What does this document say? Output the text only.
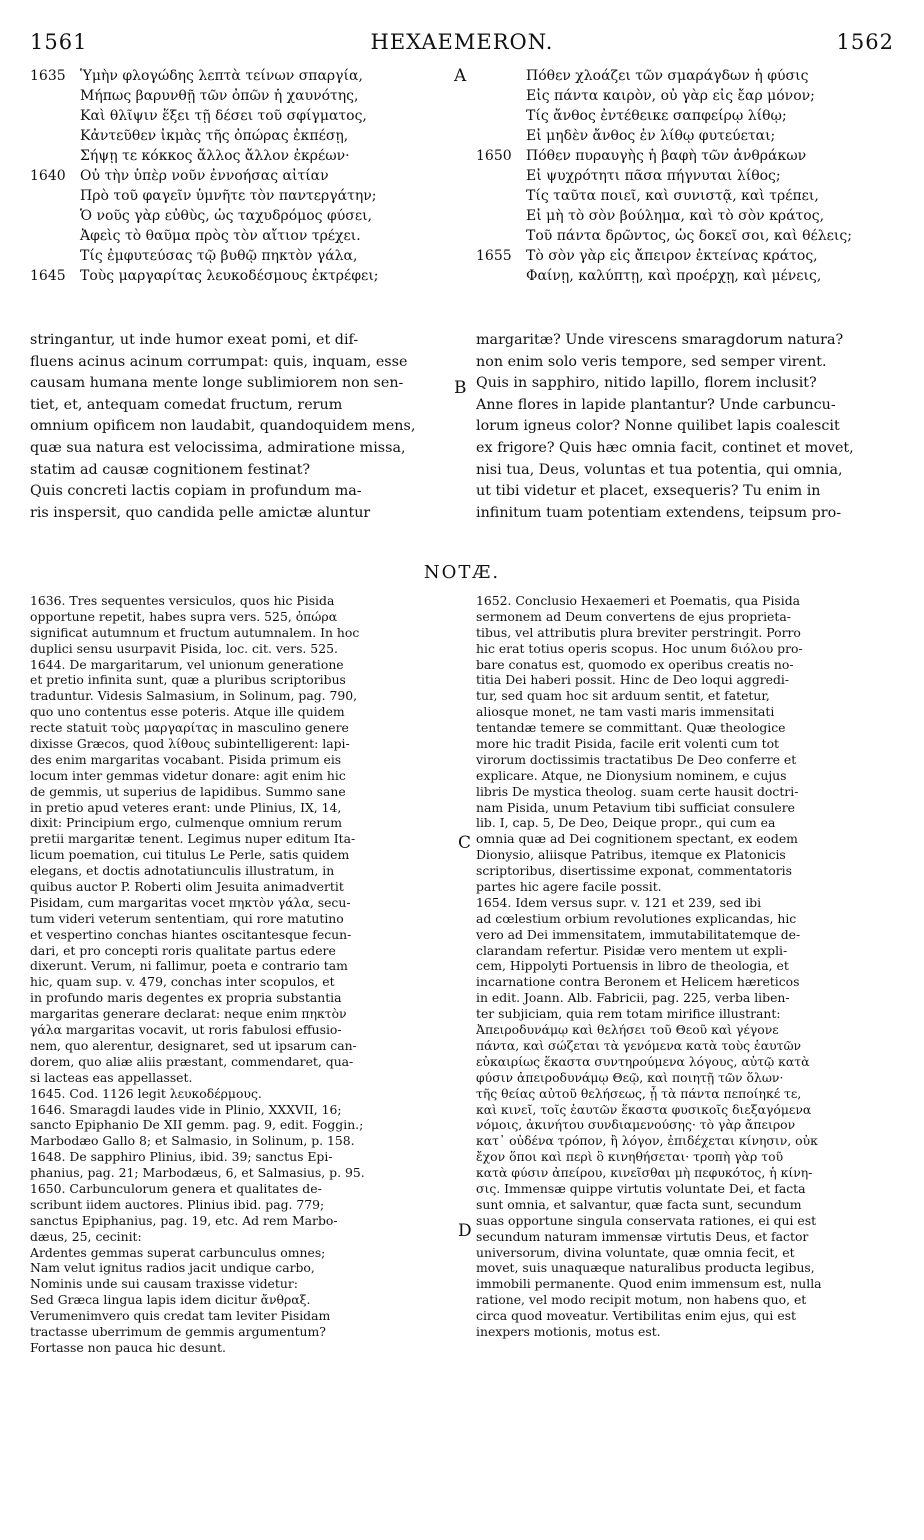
1561	HEXAEMERON.	1562
1635 Ὑμὴν φλογώδης λεπτὰ τείνων σπαργία,
Μήπως βαρυνθῇ τῶν ὀπῶν ἡ χαυνότης,
Καὶ θλῖψιν ἕξει τῇ δέσει τοῦ σφίγματος,
Κἀντεῦθεν ἰκμὰς τῆς ὀπώρας ἐκπέσῃ,
Σήψῃ τε κόκκος ἄλλος ἄλλον ἐκρέων·
1640 Οὐ τὴν ὑπὲρ νοῦν ἐννοήσας αἰτίαν
Πρὸ τοῦ φαγεῖν ὑμνῆτε τὸν παντεργάτην;
Ὁ νοῦς γὰρ εὐθὺς, ὡς ταχυδρόμος φύσει,
Ἀφεὶς τὸ θαῦμα πρὸς τὸν αἴτιον τρέχει.
Τίς ἐμφυτεύσας τῷ βυθῷ πηκτὸν γάλα,
1645 Τοὺς μαργαρίτας λευκοδέσμους ἐκτρέφει;
Πόθεν χλοάζει τῶν σμαράγδων ἡ φύσις
Εἰς πάντα καιρὸν, οὐ γὰρ εἰς ἔαρ μόνον;
Τίς ἄνθος ἐντέθεικε σαπφείρῳ λίθῳ;
Εἰ μηδὲν ἄνθος ἐν λίθῳ φυτεύεται;
1650 Πόθεν πυραυγὴς ἡ βαφὴ τῶν ἀνθράκων
Εἰ ψυχρότητι πᾶσα πήγνυται λίθος;
Τίς ταῦτα ποιεῖ, καὶ συνιστᾷ, καὶ τρέπει,
Εἰ μὴ τὸ σὸν βούλημα, καὶ τὸ σὸν κράτος,
Τοῦ πάντα δρῶντος, ὡς δοκεῖ σοι, καὶ θέλεις;
1655 Τὸ σὸν γὰρ εἰς ἄπειρον ἐκτείνας κράτος,
Φαίνῃ, καλύπτῃ, καὶ προέρχῃ, καὶ μένεις,
A
B
C
D
stringantur, ut inde humor exeat pomi, et dif-
fluens acinus acinum corrumpat: quis, inquam, esse
causam humana mente longe sublimiorem non sen-
tiet, et, antequam comedat fructum, rerum
omnium opificem non laudabit, quandoquidem mens,
quæ sua natura est velocissima, admiratione missa,
statim ad causæ cognitionem festinat?
Quis concreti lactis copiam in profundum ma-
ris inspersit, quo candida pelle amictæ aluntur
margaritæ? Unde virescens smaragdorum natura?
non enim solo veris tempore, sed semper virent.
Quis in sapphiro, nitido lapillo, florem inclusit?
Anne flores in lapide plantantur? Unde carbuncu-
lorum igneus color? Nonne quilibet lapis coalescit
ex frigore? Quis hæc omnia facit, continet et movet,
nisi tua, Deus, voluntas et tua potentia, qui omnia,
ut tibi videtur et placet, exsequeris? Tu enim in
infinitum tuam potentiam extendens, teipsum pro-
NOTÆ.
1636. Tres sequentes versiculos, quos hic Pisida
opportune repetit, habes supra vers. 525, ὀπώρα
significat autumnum et fructum autumnalem. In hoc
duplici sensu usurpavit Pisida, loc. cit. vers. 525.
1644. De margaritarum, vel unionum generatione
et pretio infinita sunt, quæ a pluribus scriptoribus
traduntur. Videsis Salmasium, in Solinum, pag. 790,
quo uno contentus esse poteris. Atque ille quidem
recte statuit τοὺς μαργαρίτας in masculino genere
dixisse Græcos, quod λίθους subintelligerent: lapi-
des enim margaritas vocabant. Pisida primum eis
locum inter gemmas videtur donare: agit enim hic
de gemmis, ut superius de lapidibus. Summo sane
in pretio apud veteres erant: unde Plinius, IX, 14,
dixit: Principium ergo, culmenque omnium rerum
pretii margaritæ tenent. Legimus nuper editum Ita-
licum poemation, cui titulus Le Perle, satis quidem
elegans, et doctis adnotatiunculis illustratum, in
quibus auctor P. Roberti olim Jesuita animadvertit
Pisidam, cum margaritas vocet πηκτὸν γάλα, secu-
tum videri veterum sententiam, qui rore matutino
et vespertino conchas hiantes oscitantesque fecun-
dari, et pro concepti roris qualitate partus edere
dixerunt. Verum, ni fallimur, poeta e contrario tam
hic, quam sup. v. 479, conchas inter scopulos, et
in profundo maris degentes ex propria substantia
margaritas generare declarat: neque enim πηκτὸν
γάλα margaritas vocavit, ut roris fabulosi effusio-
nem, quo alerentur, designaret, sed ut ipsarum can-
dorem, quo aliæ aliis præstant, commendaret, qua-
si lacteas eas appellasset.
1645. Cod. 1126 legit λευκοδέρμους.
1646. Smaragdi laudes vide in Plinio, XXXVII, 16;
sancto Epiphanio De XII gemm. pag. 9, edit. Foggin.;
Marbodæo Gallo 8; et Salmasio, in Solinum, p. 158.
1648. De sapphiro Plinius, ibid. 39; sanctus Epi-
phanius, pag. 21; Marbodæus, 6, et Salmasius, p. 95.
1650. Carbunculorum genera et qualitates de-
scribunt iidem auctores. Plinius ibid. pag. 779;
sanctus Epiphanius, pag. 19, etc. Ad rem Marbo-
dæus, 25, cecinit:
Ardentes gemmas superat carbunculus omnes;
Nam velut ignitus radios jacit undique carbo,
Nominis unde sui causam traxisse videtur:
Sed Græca lingua lapis idem dicitur ἄνθραξ.
Verumenimvero quis credat tam leviter Pisidam
tractasse uberrimum de gemmis argumentum?
Fortasse non pauca hic desunt.
1652. Conclusio Hexaemeri et Poematis, qua Pisida
sermonem ad Deum convertens de ejus proprieta-
tibus, vel attributis plura breviter perstringit. Porro
hic erat totius operis scopus. Hoc unum διόλου pro-
bare conatus est, quomodo ex operibus creatis no-
titia Dei haberi possit. Hinc de Deo loqui aggredi-
tur, sed quam hoc sit arduum sentit, et fatetur,
aliosque monet, ne tam vasti maris immensitati
tentandæ temere se committant. Quæ theologice
more hic tradit Pisida, facile erit volenti cum tot
virorum doctissimis tractatibus De Deo conferre et
explicare. Atque, ne Dionysium nominem, e cujus
libris De mystica theolog. suam certe hausit doctri-
nam Pisida, unum Petavium tibi sufficiat consulere
lib. I, cap. 5, De Deo, Deique propr., qui cum ea
omnia quæ ad Dei cognitionem spectant, ex eodem
Dionysio, aliisque Patribus, itemque ex Platonicis
scriptoribus, disertissime exponat, commentatoris
partes hic agere facile possit.
1654. Idem versus supr. v. 121 et 239, sed ibi
ad cœlestium orbium revolutiones explicandas, hic
vero ad Dei immensitatem, immutabilitatemque de-
clarandam refertur. Pisidæ vero mentem ut expli-
cem, Hippolyti Portuensis in libro de theologia, et
incarnatione contra Beronem et Helicem hæreticos
in edit. Joann. Alb. Fabricii, pag. 225, verba liben-
ter subjiciam, quia rem totam mirifice illustrant:
Ἀπειροδυνάμῳ καὶ θελήσει τοῦ Θεοῦ καὶ γέγονε
πάντα, καὶ σώζεται τὰ γενόμενα κατὰ τοὺς ἑαυτῶν
εὐκαιρίως ἕκαστα συντηρούμενα λόγους, αὐτῷ κατὰ
φύσιν ἀπειροδυνάμῳ Θεῷ, καὶ ποιητῇ τῶν ὅλων·
τῆς θείας αὐτοῦ θελήσεως, ᾗ τὰ πάντα πεποίηκέ τε,
καὶ κινεῖ, τοῖς ἑαυτῶν ἕκαστα φυσικοῖς διεξαγόμενα
νόμοις, ἀκινήτου συνδιαμενούσης· τὸ γὰρ ἄπειρον
κατ᾽ οὐδένα τρόπον, ἢ λόγον, ἐπιδέχεται κίνησιν, οὐκ
ἔχον ὅποι καὶ περὶ ὃ κινηθήσεται· τροπὴ γὰρ τοῦ
κατὰ φύσιν ἀπείρου, κινεῖσθαι μὴ πεφυκότος, ἡ κίνη-
σις. Immensæ quippe virtutis voluntate Dei, et facta
sunt omnia, et salvantur, quæ facta sunt, secundum
suas opportune singula conservata rationes, ei qui est
secundum naturam immensæ virtutis Deus, et factor
universorum, divina voluntate, quæ omnia fecit, et
movet, suis unaquæque naturalibus producta legibus,
immobili permanente. Quod enim immensum est, nulla
ratione, vel modo recipit motum, non habens quo, et
circa quod moveatur. Vertibilitas enim ejus, qui est
inexpers motionis, motus est.
